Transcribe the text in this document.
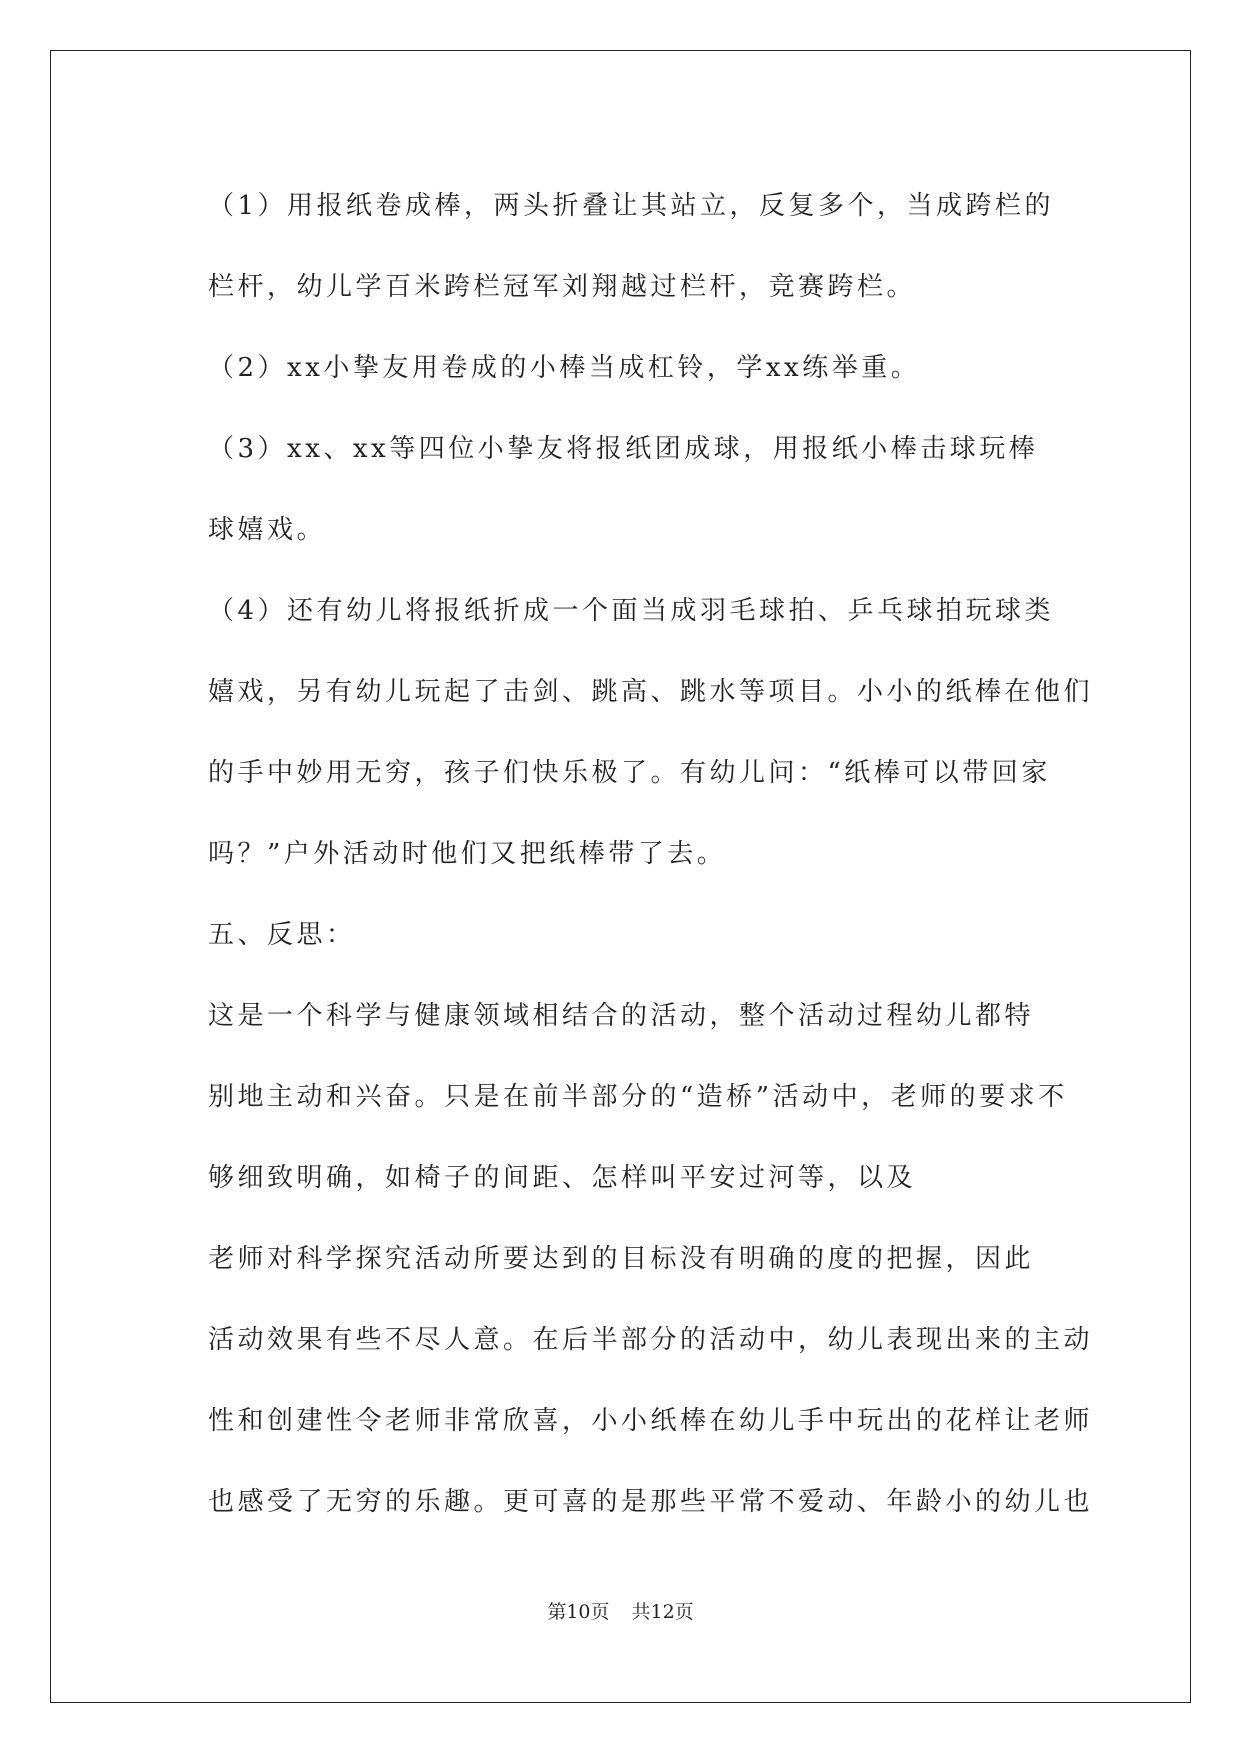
（1）用报纸卷成棒，两头折叠让其站立，反复多个，当成跨栏的
栏杆，幼儿学百米跨栏冠军刘翔越过栏杆，竞赛跨栏。

（2）xx小挚友用卷成的小棒当成杠铃，学xx练举重。

（3）xx、xx等四位小挚友将报纸团成球，用报纸小棒击球玩棒
球嬉戏。

（4）还有幼儿将报纸折成一个面当成羽毛球拍、乒乓球拍玩球类
嬉戏，另有幼儿玩起了击剑、跳高、跳水等项目。小小的纸棒在他们
的手中妙用无穷，孩子们快乐极了。有幼儿问：“纸棒可以带回家
吗？”户外活动时他们又把纸棒带了去。

五、反思：

这是一个科学与健康领域相结合的活动，整个活动过程幼儿都特
别地主动和兴奋。只是在前半部分的“造桥”活动中，老师的要求不
够细致明确，如椅子的间距、怎样叫平安过河等，以及

老师对科学探究活动所要达到的目标没有明确的度的把握，因此
活动效果有些不尽人意。在后半部分的活动中，幼儿表现出来的主动
性和创建性令老师非常欣喜，小小纸棒在幼儿手中玩出的花样让老师
也感受了无穷的乐趣。更可喜的是那些平常不爱动、年龄小的幼儿也

第10页 共12页
